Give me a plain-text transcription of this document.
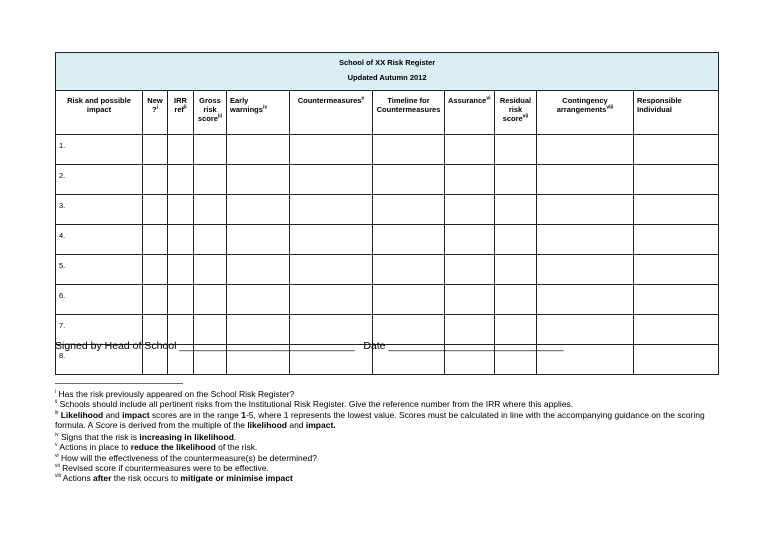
School of XX Risk Register
Updated Autumn 2012										

Risk and possible impact	New ?$^i$	IRR ref$^{ii}$	Gross risk score$^{iii}$	Early warnings$^{iv}$	Countermeasures$^v$	Timeline for Countermeasures	Assurance$^{vi}$	Residual risk score$^{vii}$	Contingency arrangements$^{viii}$	Responsible Individual
1.										
2.										
3.										
4.										
5.										
6.										
7.										
8.										
Signed by Head of School ______________________________ Date ______________________________
$^i$ Has the risk previously appeared on the School Risk Register?
$^{ii}$ Schools should include all pertinent risks from the Institutional Risk Register. Give the reference number from the IRR where this applies.
$^{iii}$ Likelihood and impact scores are in the range 1-5, where 1 represents the lowest value. Scores must be calculated in line with the accompanying guidance on the scoring formula. A Score is derived from the multiple of the likelihood and impact.
$^{iv}$ Signs that the risk is increasing in likelihood.
$^v$ Actions in place to reduce the likelihood of the risk.
$^{vi}$ How will the effectiveness of the countermeasure(s) be determined?
$^{vii}$ Revised score if countermeasures were to be effective.
$^{viii}$ Actions after the risk occurs to mitigate or minimise impact
